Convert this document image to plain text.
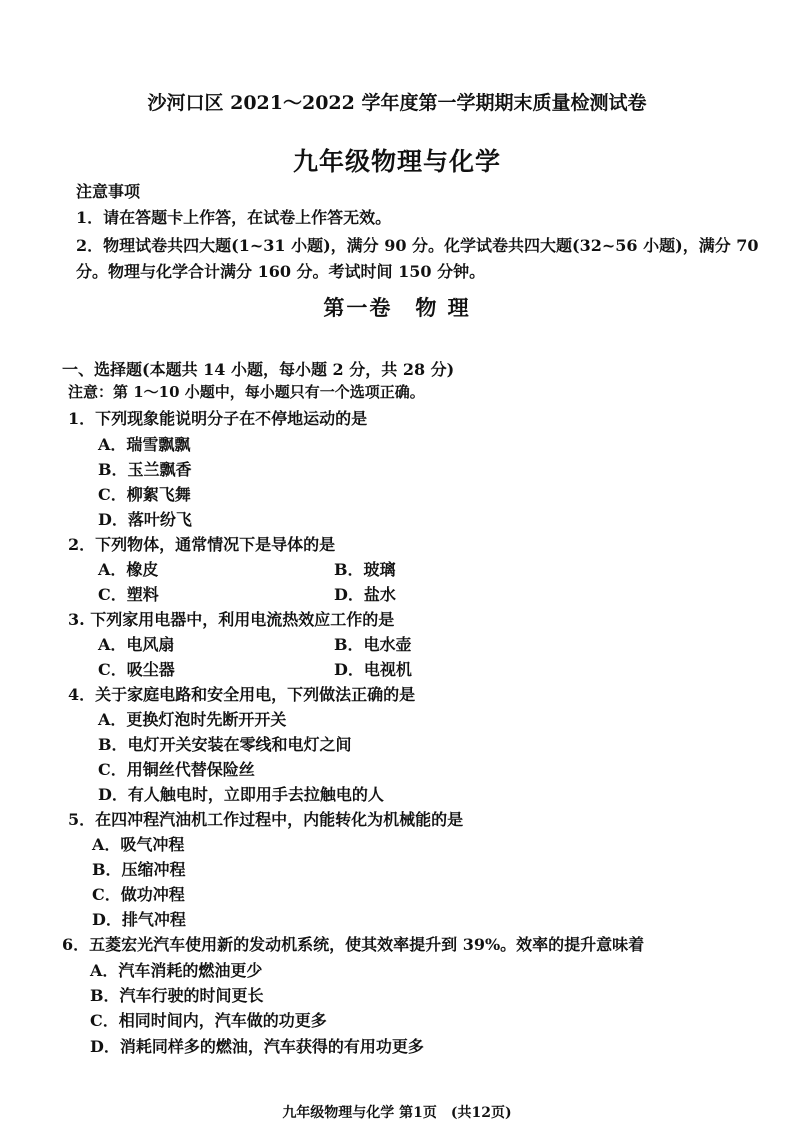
沙河口区 2021～2022 学年度第一学期期末质量检测试卷
九年级物理与化学
注意事项
1．请在答题卡上作答，在试卷上作答无效。
2．物理试卷共四大题(1~31 小题)，满分 90 分。化学试卷共四大题(32~56 小题)，满分 70
分。物理与化学合计满分 160 分。考试时间 150 分钟。
第一卷　物 理
一、选择题(本题共 14 小题，每小题 2 分，共 28 分)
注意：第 1～10 小题中，每小题只有一个选项正确。
1．下列现象能说明分子在不停地运动的是
A．瑞雪飘飘
B．玉兰飘香
C．柳絮飞舞
D．落叶纷飞
2．下列物体，通常情况下是导体的是
A．橡皮	B．玻璃
C．塑料	D．盐水
3. 下列家用电器中，利用电流热效应工作的是
A．电风扇	B．电水壶
C．吸尘器	D．电视机
4．关于家庭电路和安全用电，下列做法正确的是
A．更换灯泡时先断开开关
B．电灯开关安装在零线和电灯之间
C．用铜丝代替保险丝
D．有人触电时，立即用手去拉触电的人
5．在四冲程汽油机工作过程中，内能转化为机械能的是
A．吸气冲程
B．压缩冲程
C．做功冲程
D．排气冲程
6．五菱宏光汽车使用新的发动机系统，使其效率提升到 39%。效率的提升意味着
A．汽车消耗的燃油更少
B．汽车行驶的时间更长
C．相同时间内，汽车做的功更多
D．消耗同样多的燃油，汽车获得的有用功更多
九年级物理与化学 第1页　(共12页)
